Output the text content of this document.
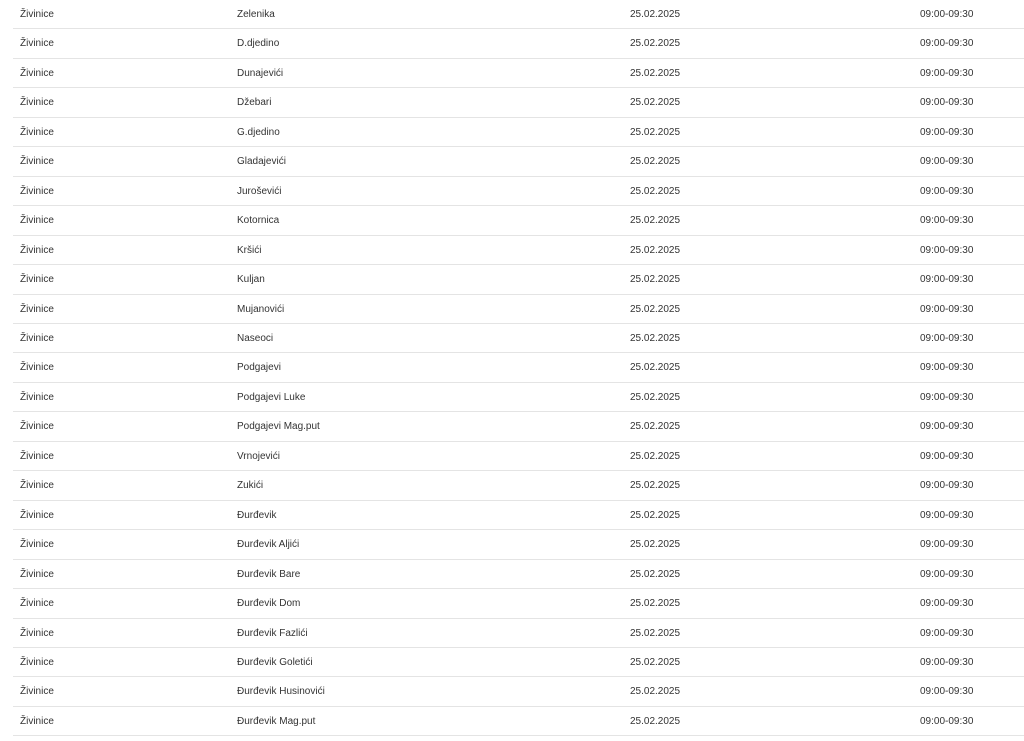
Živinice	Zelenika	25.02.2025	09:00-09:30
Živinice	D.djedino	25.02.2025	09:00-09:30
Živinice	Dunajevići	25.02.2025	09:00-09:30
Živinice	Džebari	25.02.2025	09:00-09:30
Živinice	G.djedino	25.02.2025	09:00-09:30
Živinice	Gladajevići	25.02.2025	09:00-09:30
Živinice	Juroševići	25.02.2025	09:00-09:30
Živinice	Kotornica	25.02.2025	09:00-09:30
Živinice	Kršići	25.02.2025	09:00-09:30
Živinice	Kuljan	25.02.2025	09:00-09:30
Živinice	Mujanovići	25.02.2025	09:00-09:30
Živinice	Naseoci	25.02.2025	09:00-09:30
Živinice	Podgajevi	25.02.2025	09:00-09:30
Živinice	Podgajevi Luke	25.02.2025	09:00-09:30
Živinice	Podgajevi Mag.put	25.02.2025	09:00-09:30
Živinice	Vrnojevići	25.02.2025	09:00-09:30
Živinice	Zukići	25.02.2025	09:00-09:30
Živinice	Đurđevik	25.02.2025	09:00-09:30
Živinice	Đurđevik Aljići	25.02.2025	09:00-09:30
Živinice	Đurđevik Bare	25.02.2025	09:00-09:30
Živinice	Đurđevik Dom	25.02.2025	09:00-09:30
Živinice	Đurđevik Fazlići	25.02.2025	09:00-09:30
Živinice	Đurđevik Goletići	25.02.2025	09:00-09:30
Živinice	Đurđevik Husinovići	25.02.2025	09:00-09:30
Živinice	Đurđevik Mag.put	25.02.2025	09:00-09:30
